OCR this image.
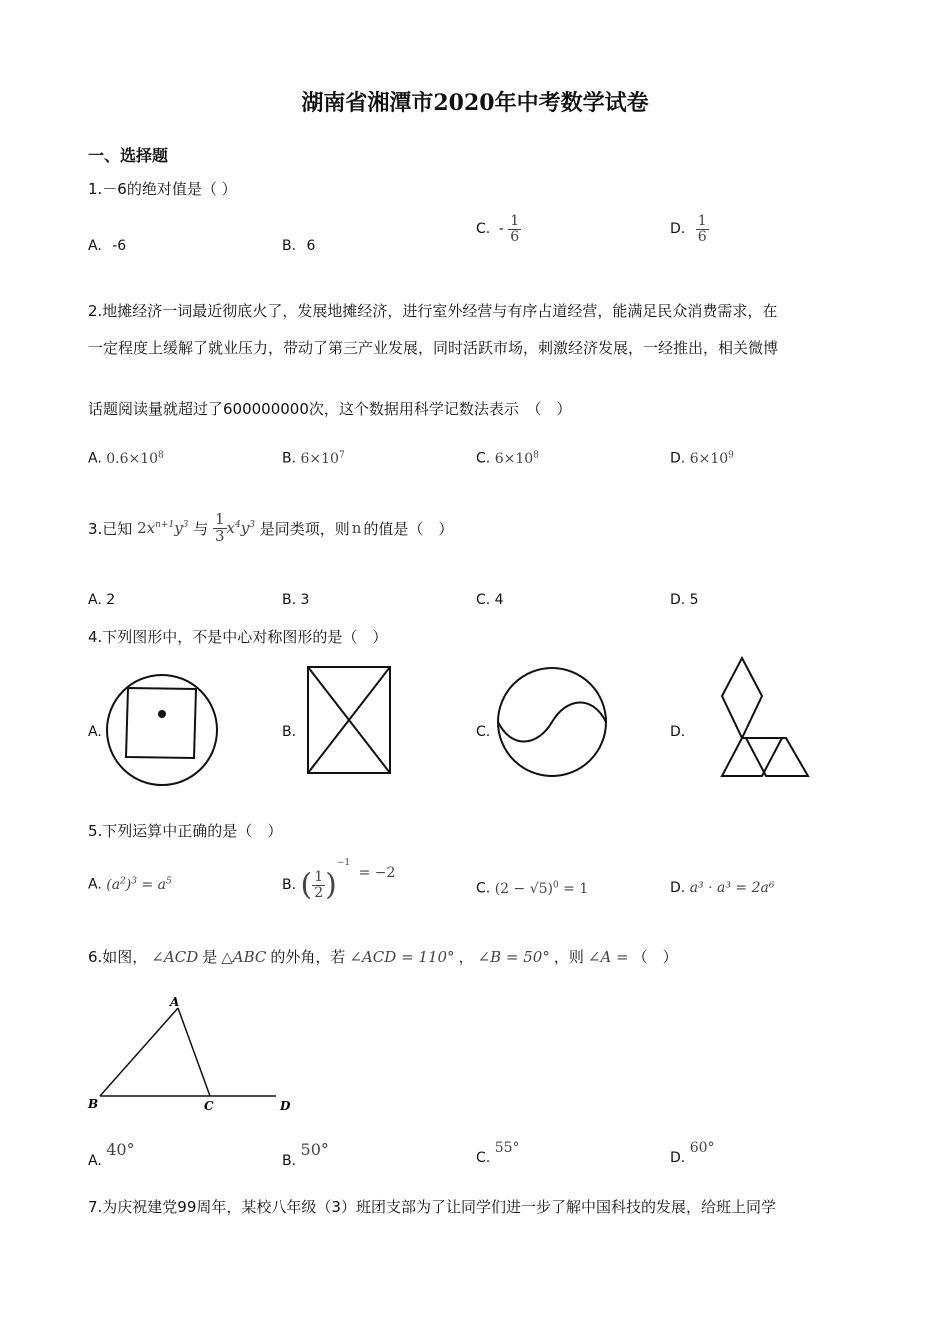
湖南省湘潭市2020年中考数学试卷
一、选择题
1.－6的绝对值是（ ）
A. -6	B. 6
C. - $\frac{1}{6}$	D. $\frac{1}{6}$
2.地摊经济一词最近彻底火了，发展地摊经济，进行室外经营与有序占道经营，能满足民众消费需求，在
一定程度上缓解了就业压力，带动了第三产业发展，同时活跃市场，刺激经济发展，一经推出，相关微博
话题阅读量就超过了600000000次，这个数据用科学记数法表示　（　）
A. $0.6\times 10^8$	B. $6\times 10^7$	C. $6\times 10^8$	D. $6\times 10^9$
3.已知 $2x^{n+1}y^3$ 与 $\frac{1}{3} x^4y^3$ 是同类项，则 n 的值是（　）
A. 2	B. 3	C. 4	D. 5
4.下列图形中，不是中心对称图形的是（　）
A.	B.	C.	D.
5.下列运算中正确的是（　）
A. $(a^2)^3 = a^5$	B. ( $\frac{1}{2} )^{-1} = -2$
C. $(2 - √5)^0 = 1$	D. a³ · a³ = 2a⁶
6.如图， ∠ACD 是 △ABC 的外角，若 ∠ACD = 110° ， ∠B = 50° ，则 ∠A = （　）
A
B	C	D
A. 40°
B. 50°	C. 55°
D. 60°
7.为庆祝建党99周年，某校八年级（3）班团支部为了让同学们进一步了解中国科技的发展，给班上同学
